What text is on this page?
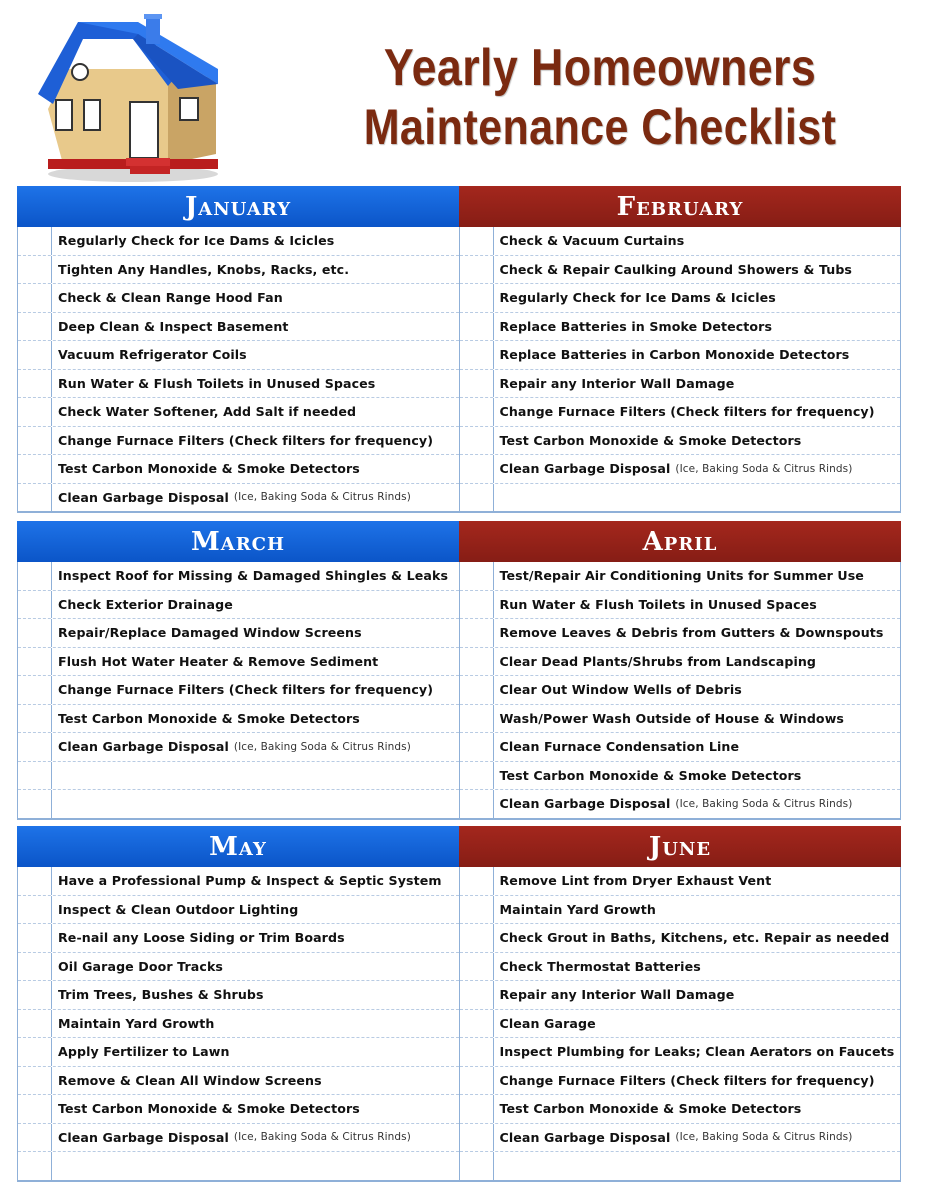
Yearly Homeowners
Maintenance Checklist
January	February
Regularly Check for Ice Dams & Icicles
Tighten Any Handles, Knobs, Racks, etc.
Check & Clean Range Hood Fan
Deep Clean & Inspect Basement
Vacuum Refrigerator Coils
Run Water & Flush Toilets in Unused Spaces
Check Water Softener, Add Salt if needed
Change Furnace Filters (Check filters for frequency)
Test Carbon Monoxide & Smoke Detectors
Clean Garbage Disposal (Ice, Baking Soda & Citrus Rinds)
Check & Vacuum Curtains
Check & Repair Caulking Around Showers & Tubs
Regularly Check for Ice Dams & Icicles
Replace Batteries in Smoke Detectors
Replace Batteries in Carbon Monoxide Detectors
Repair any Interior Wall Damage
Change Furnace Filters (Check filters for frequency)
Test Carbon Monoxide & Smoke Detectors
Clean Garbage Disposal (Ice, Baking Soda & Citrus Rinds)
March	April
Inspect Roof for Missing & Damaged Shingles & Leaks
Check Exterior Drainage
Repair/Replace Damaged Window Screens
Flush Hot Water Heater & Remove Sediment
Change Furnace Filters (Check filters for frequency)
Test Carbon Monoxide & Smoke Detectors
Clean Garbage Disposal (Ice, Baking Soda & Citrus Rinds)
Test/Repair Air Conditioning Units for Summer Use
Run Water & Flush Toilets in Unused Spaces
Remove Leaves & Debris from Gutters & Downspouts
Clear Dead Plants/Shrubs from Landscaping
Clear Out Window Wells of Debris
Wash/Power Wash Outside of House & Windows
Clean Furnace Condensation Line
Test Carbon Monoxide & Smoke Detectors
Clean Garbage Disposal (Ice, Baking Soda & Citrus Rinds)
May	June
Have a Professional Pump & Inspect & Septic System
Inspect & Clean Outdoor Lighting
Re-nail any Loose Siding or Trim Boards
Oil Garage Door Tracks
Trim Trees, Bushes & Shrubs
Maintain Yard Growth
Apply Fertilizer to Lawn
Remove & Clean All Window Screens
Test Carbon Monoxide & Smoke Detectors
Clean Garbage Disposal (Ice, Baking Soda & Citrus Rinds)
Remove Lint from Dryer Exhaust Vent
Maintain Yard Growth
Check Grout in Baths, Kitchens, etc. Repair as needed
Check Thermostat Batteries
Repair any Interior Wall Damage
Clean Garage
Inspect Plumbing for Leaks; Clean Aerators on Faucets
Change Furnace Filters (Check filters for frequency)
Test Carbon Monoxide & Smoke Detectors
Clean Garbage Disposal (Ice, Baking Soda & Citrus Rinds)
